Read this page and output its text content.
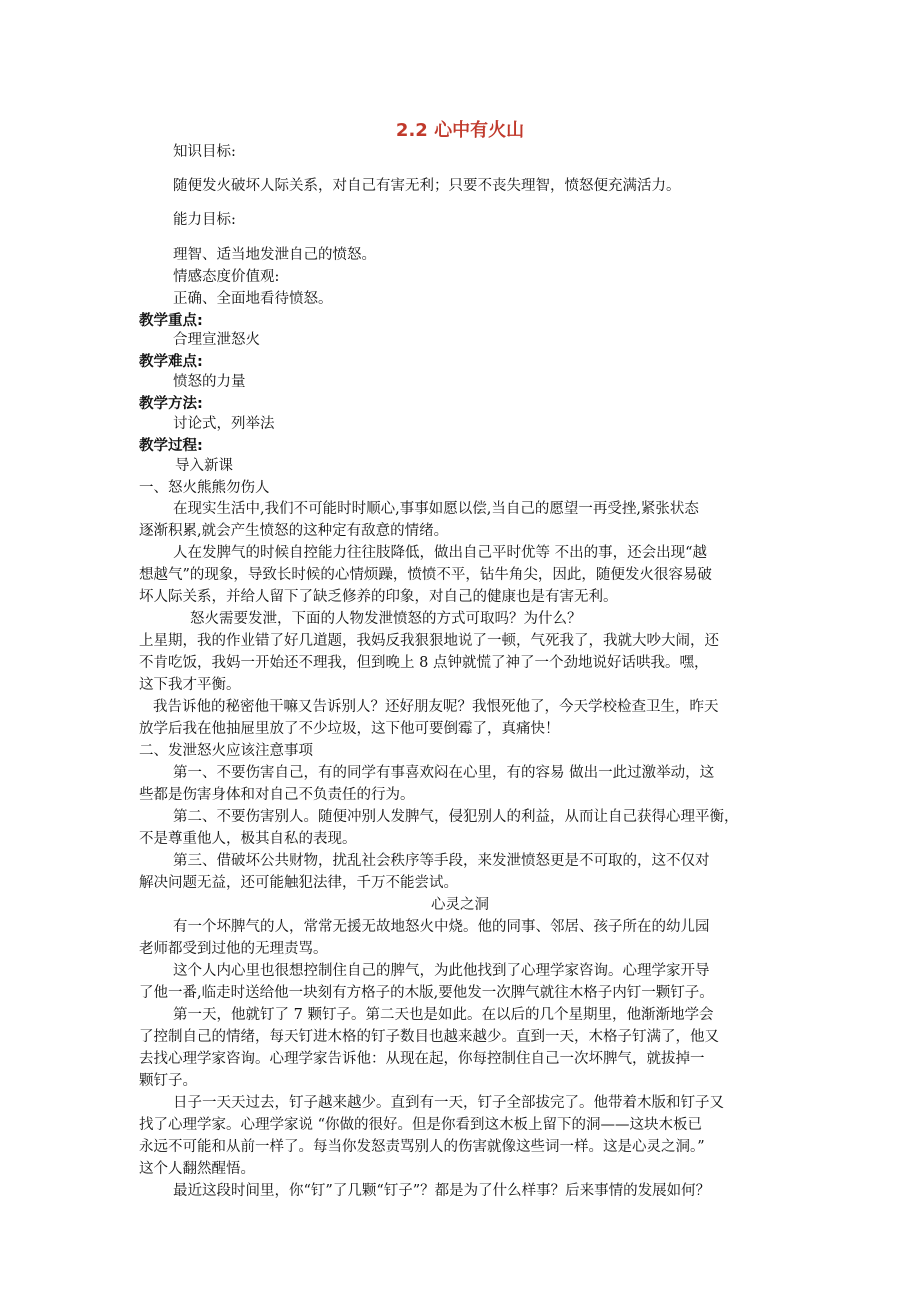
2.2 心中有火山
知识目标:
随便发火破坏人际关系，对自己有害无利；只要不丧失理智，愤怒便充满活力。
能力目标:
理智、适当地发泄自己的愤怒。
情感态度价值观:
正确、全面地看待愤怒。
教学重点:
合理宣泄怒火
教学难点:
愤怒的力量
教学方法:
讨论式，列举法
教学过程:
导入新课
一、怒火熊熊勿伤人
在现实生活中,我们不可能时时顺心,事事如愿以偿,当自己的愿望一再受挫,紧张状态
逐渐积累,就会产生愤怒的这种定有敌意的情绪。
人在发脾气的时候自控能力往往肢降低，做出自己平时优等 不出的事，还会出现“越
想越气”的现象，导致长时候的心情烦躁，愤愤不平，钻牛角尖，因此，随便发火很容易破
坏人际关系，并给人留下了缺乏修养的印象，对自己的健康也是有害无利。
怒火需要发泄，下面的人物发泄愤怒的方式可取吗？为什么？
上星期，我的作业错了好几道题，我妈反我狠狠地说了一顿，气死我了，我就大吵大闹，还
不肯吃饭，我妈一开始还不理我，但到晚上 8 点钟就慌了神了一个劲地说好话哄我。嘿，
这下我才平衡。
我告诉他的秘密他干嘛又告诉别人？还好朋友呢？我恨死他了，今天学校检查卫生，昨天
放学后我在他抽屉里放了不少垃圾，这下他可要倒霉了，真痛快！
二、发泄怒火应该注意事项
第一、不要伤害自己，有的同学有事喜欢闷在心里，有的容易 做出一此过激举动，这
些都是伤害身体和对自己不负责任的行为。
第二、不要伤害别人。随便冲别人发脾气，侵犯别人的利益，从而让自己获得心理平衡，
不是尊重他人，极其自私的表现。
第三、借破坏公共财物，扰乱社会秩序等手段，来发泄愤怒更是不可取的，这不仅对
解决问题无益，还可能触犯法律，千万不能尝试。
心灵之洞
有一个坏脾气的人，常常无援无故地怒火中烧。他的同事、邻居、孩子所在的幼儿园
老师都受到过他的无理责骂。
这个人内心里也很想控制住自己的脾气，为此他找到了心理学家咨询。心理学家开导
了他一番,临走时送给他一块刻有方格子的木版,要他发一次脾气就往木格子内钉一颗钉子。
第一天，他就钉了 7 颗钉子。第二天也是如此。在以后的几个星期里，他渐渐地学会
了控制自己的情绪，每天钉进木格的钉子数目也越来越少。直到一天，木格子钉满了，他又
去找心理学家咨询。心理学家告诉他：从现在起，你每控制住自己一次坏脾气，就拔掉一
颗钉子。
日子一天天过去，钉子越来越少。直到有一天，钉子全部拔完了。他带着木版和钉子又
找了心理学家。心理学家说 “你做的很好。但是你看到这木板上留下的洞——这块木板已
永远不可能和从前一样了。每当你发怒责骂别人的伤害就像这些词一样。这是心灵之洞。”
这个人翻然醒悟。
最近这段时间里，你“钉”了几颗“钉子”？都是为了什么样事？后来事情的发展如何？
